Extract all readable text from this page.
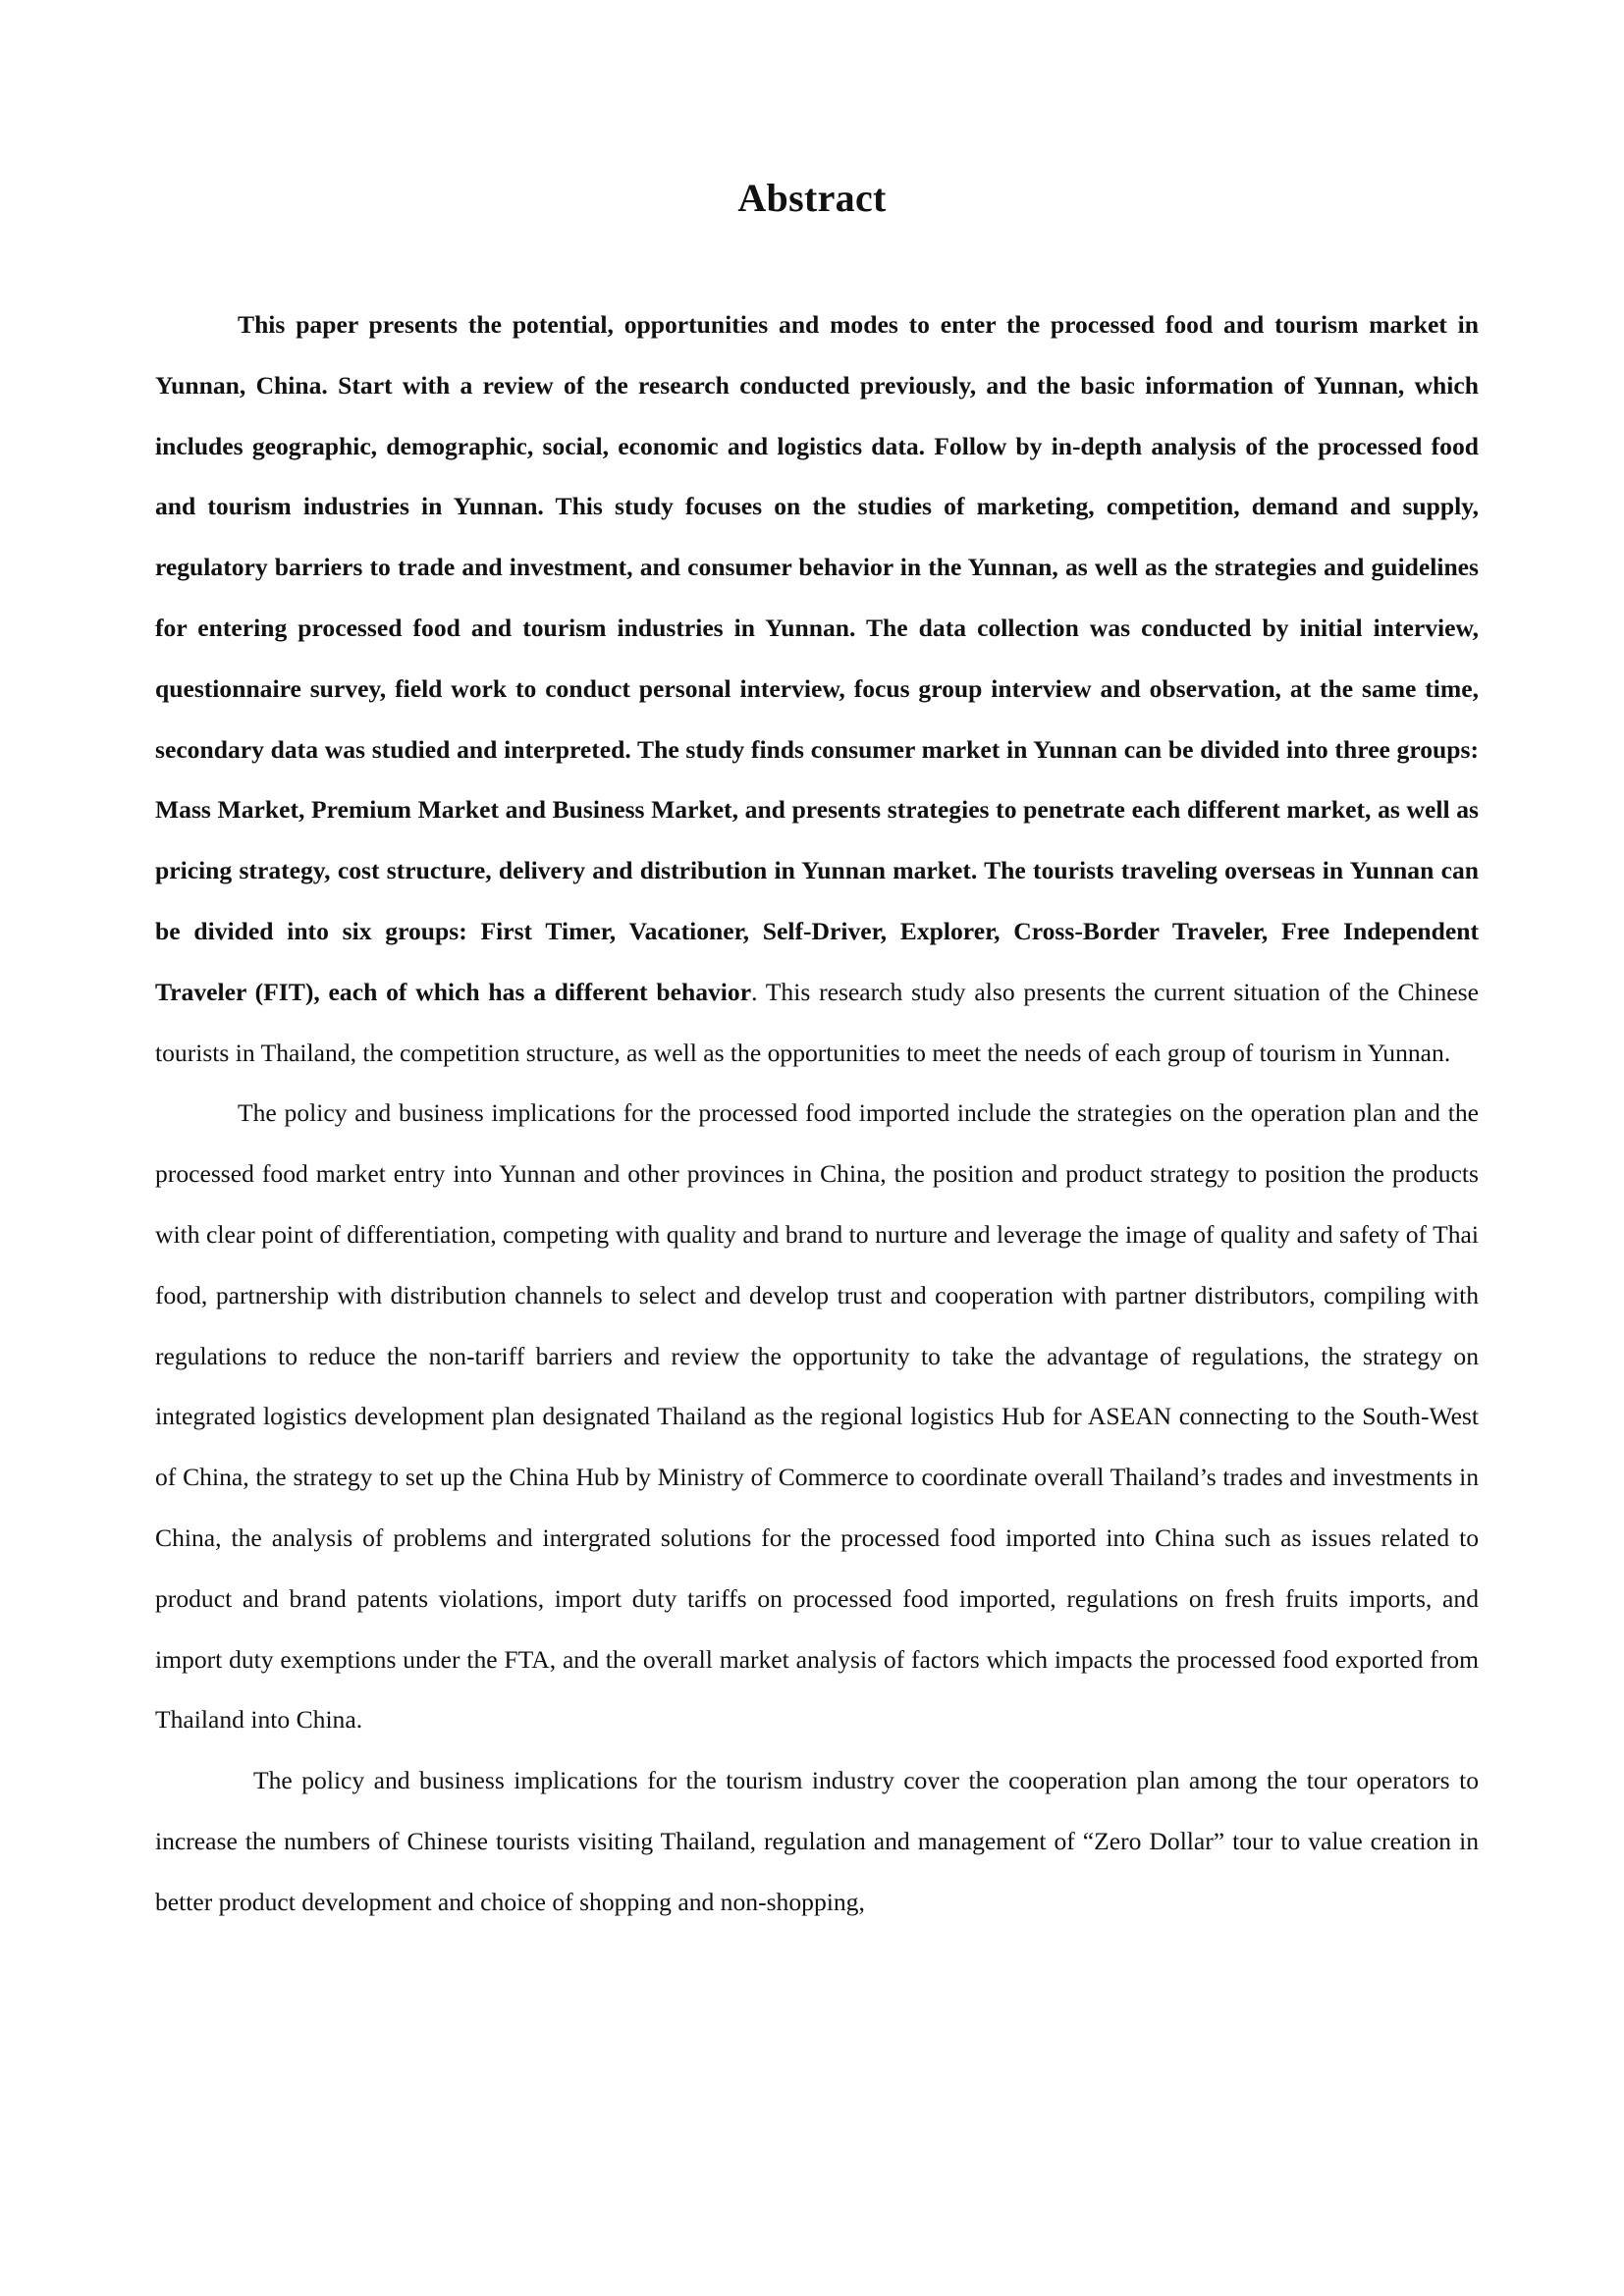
Abstract

This paper presents the potential, opportunities and modes to enter the processed food and tourism market in Yunnan, China. Start with a review of the research conducted previously, and the basic information of Yunnan, which includes geographic, demographic, social, economic and logistics data. Follow by in-depth analysis of the processed food and tourism industries in Yunnan. This study focuses on the studies of marketing, competition, demand and supply, regulatory barriers to trade and investment, and consumer behavior in the Yunnan, as well as the strategies and guidelines for entering processed food and tourism industries in Yunnan. The data collection was conducted by initial interview, questionnaire survey, field work to conduct personal interview, focus group interview and observation, at the same time, secondary data was studied and interpreted. The study finds consumer market in Yunnan can be divided into three groups: Mass Market, Premium Market and Business Market, and presents strategies to penetrate each different market, as well as pricing strategy, cost structure, delivery and distribution in Yunnan market. The tourists traveling overseas in Yunnan can be divided into six groups: First Timer, Vacationer, Self-Driver, Explorer, Cross-Border Traveler, Free Independent Traveler (FIT), each of which has a different behavior. This research study also presents the current situation of the Chinese tourists in Thailand, the competition structure, as well as the opportunities to meet the needs of each group of tourism in Yunnan.

The policy and business implications for the processed food imported include the strategies on the operation plan and the processed food market entry into Yunnan and other provinces in China, the position and product strategy to position the products with clear point of differentiation, competing with quality and brand to nurture and leverage the image of quality and safety of Thai food, partnership with distribution channels to select and develop trust and cooperation with partner distributors, compiling with regulations to reduce the non-tariff barriers and review the opportunity to take the advantage of regulations, the strategy on integrated logistics development plan designated Thailand as the regional logistics Hub for ASEAN connecting to the South-West of China, the strategy to set up the China Hub by Ministry of Commerce to coordinate overall Thailand’s trades and investments in China, the analysis of problems and intergrated solutions for the processed food imported into China such as issues related to product and brand patents violations, import duty tariffs on processed food imported, regulations on fresh fruits imports, and import duty exemptions under the FTA, and the overall market analysis of factors which impacts the processed food exported from Thailand into China.

The policy and business implications for the tourism industry cover the cooperation plan among the tour operators to increase the numbers of Chinese tourists visiting Thailand, regulation and management of “Zero Dollar” tour to value creation in better product development and choice of shopping and non-shopping,
